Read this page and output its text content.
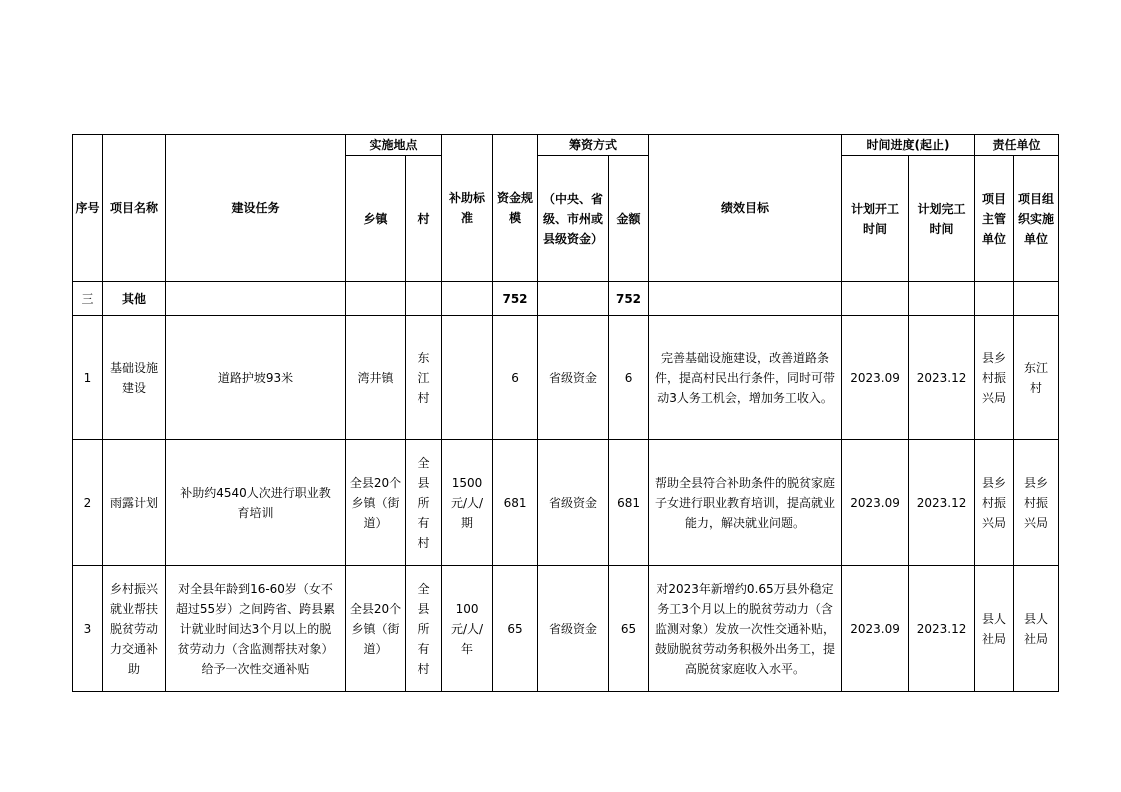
序号	项目名称	建设任务	实施地点		补助标准	资金规模	筹资方式		绩效目标	时间进度(起止)		责任单位	
			乡镇	村			（中央、省级、市州或县级资金）	金额		计划开工时间	计划完工时间	项目主管单位	项目组织实施单位
三	其他					752		752					
1	基础设施建设	道路护坡93米	湾井镇	东江村		6	省级资金	6	完善基础设施建设，改善道路条件，提高村民出行条件，同时可带动3人务工机会，增加务工收入。	2023.09	2023.12	县乡村振兴局	东江村
2	雨露计划	补助约4540人次进行职业教育培训	全县20个乡镇（街道）	全县所有村	1500元/人/期	681	省级资金	681	帮助全县符合补助条件的脱贫家庭子女进行职业教育培训，提高就业能力，解决就业问题。	2023.09	2023.12	县乡村振兴局	县乡村振兴局
3	乡村振兴就业帮扶脱贫劳动力交通补助	对全县年龄到16-60岁（女不超过55岁）之间跨省、跨县累计就业时间达3个月以上的脱贫劳动力（含监测帮扶对象）给予一次性交通补贴	全县20个乡镇（街道）	全县所有村	100元/人/年	65	省级资金	65	对2023年新增约0.65万县外稳定务工3个月以上的脱贫劳动力（含监测对象）发放一次性交通补贴，鼓励脱贫劳动务积极外出务工，提高脱贫家庭收入水平。	2023.09	2023.12	县人社局	县人社局
